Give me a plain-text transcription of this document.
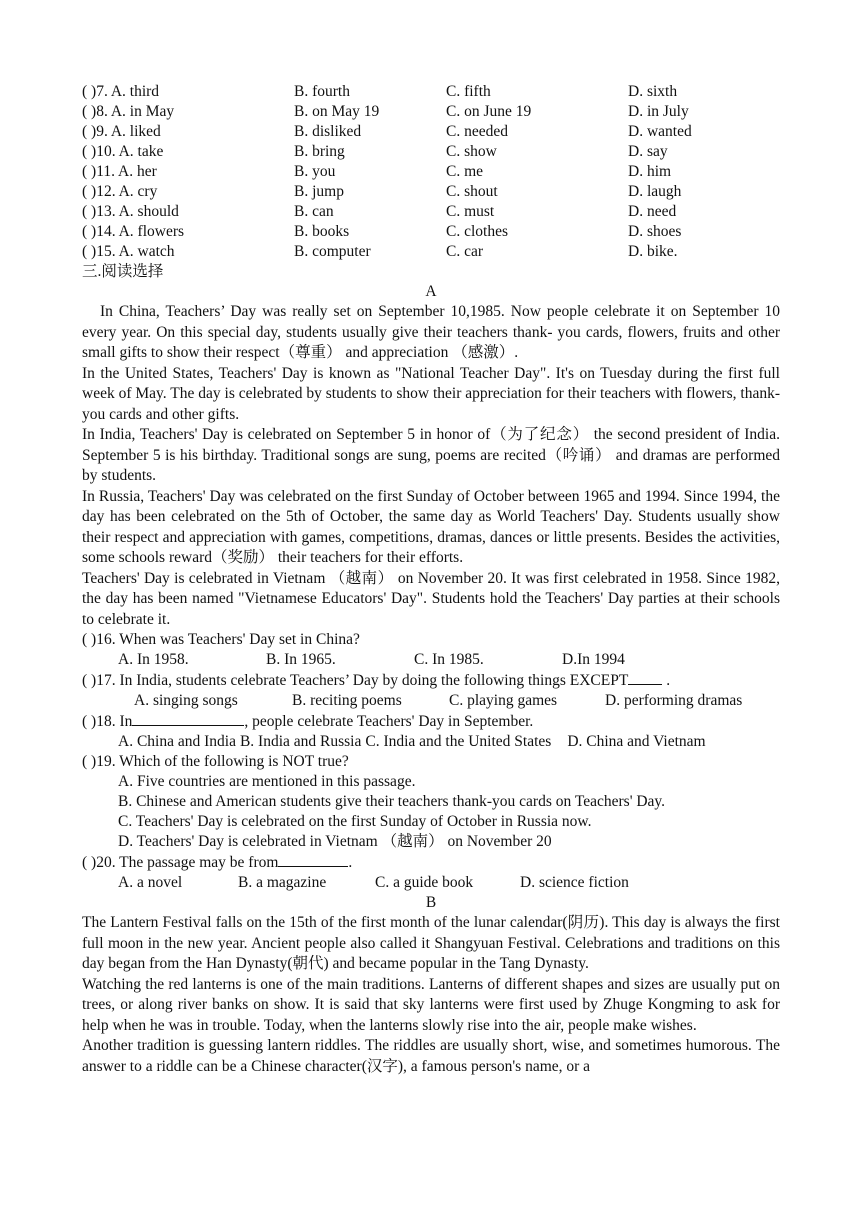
( )7. A. third	B. fourth	C. fifth	D. sixth
( )8. A. in May	B. on May 19	C. on June 19	D. in July
( )9. A. liked	B. disliked	C. needed	D. wanted
( )10. A. take	B. bring	C. show	D. say
( )11. A. her	B. you	C. me	D. him
( )12. A. cry	B. jump	C. shout	D. laugh
( )13. A. should	B. can	C. must	D. need
( )14. A. flowers	B. books	C. clothes	D. shoes
( )15. A. watch	B. computer	C. car	D. bike.
三.阅读选择
A

In China, Teachers’ Day was really set on September 10,1985. Now people celebrate it on September 10 every year. On this special day, students usually give their teachers thank- you cards, flowers, fruits and other small gifts to show their respect（尊重） and appreciation （感激）.

In the United States, Teachers' Day is known as "National Teacher Day". It's on Tuesday during the first full week of May. The day is celebrated by students to show their appreciation for their teachers with flowers, thank-you cards and other gifts.

In India, Teachers' Day is celebrated on September 5 in honor of（为了纪念） the second president of India. September 5 is his birthday. Traditional songs are sung, poems are recited（吟诵） and dramas are performed by students.

In Russia, Teachers' Day was celebrated on the first Sunday of October between 1965 and 1994. Since 1994, the day has been celebrated on the 5th of October, the same day as World Teachers' Day. Students usually show their respect and appreciation with games, competitions, dramas, dances or little presents. Besides the activities, some schools reward（奖励） their teachers for their efforts.

Teachers' Day is celebrated in Vietnam （越南） on November 20. It was first celebrated in 1958. Since 1982, the day has been named "Vietnamese Educators' Day". Students hold the Teachers' Day parties at their schools to celebrate it.

( )16. When was Teachers' Day set in China?
A. In 1958.	B. In 1965.	C. In 1985.	D.In 1994
( )17. In India, students celebrate Teachers’ Day by doing the following things EXCEPT .
A. singing songs	B. reciting poems	C. playing games	D. performing dramas
( )18. In	, people celebrate Teachers' Day in September.
A. China and India B. India and Russia C. India and the United States D. China and Vietnam
( )19. Which of the following is NOT true?
A. Five countries are mentioned in this passage.
B. Chinese and American students give their teachers thank-you cards on Teachers' Day.
C. Teachers' Day is celebrated on the first Sunday of October in Russia now.
D. Teachers' Day is celebrated in Vietnam （越南） on November 20
( )20. The passage may be from	.
A. a novel	B. a magazine	C. a guide book	D. science fiction
B

The Lantern Festival falls on the 15th of the first month of the lunar calendar(阴历). This day is always the first full moon in the new year. Ancient people also called it Shangyuan Festival. Celebrations and traditions on this day began from the Han Dynasty(朝代) and became popular in the Tang Dynasty.

Watching the red lanterns is one of the main traditions. Lanterns of different shapes and sizes are usually put on trees, or along river banks on show. It is said that sky lanterns were first used by Zhuge Kongming to ask for help when he was in trouble. Today, when the lanterns slowly rise into the air, people make wishes.

Another tradition is guessing lantern riddles. The riddles are usually short, wise, and sometimes humorous. The answer to a riddle can be a Chinese character(汉字), a famous person's name, or a
